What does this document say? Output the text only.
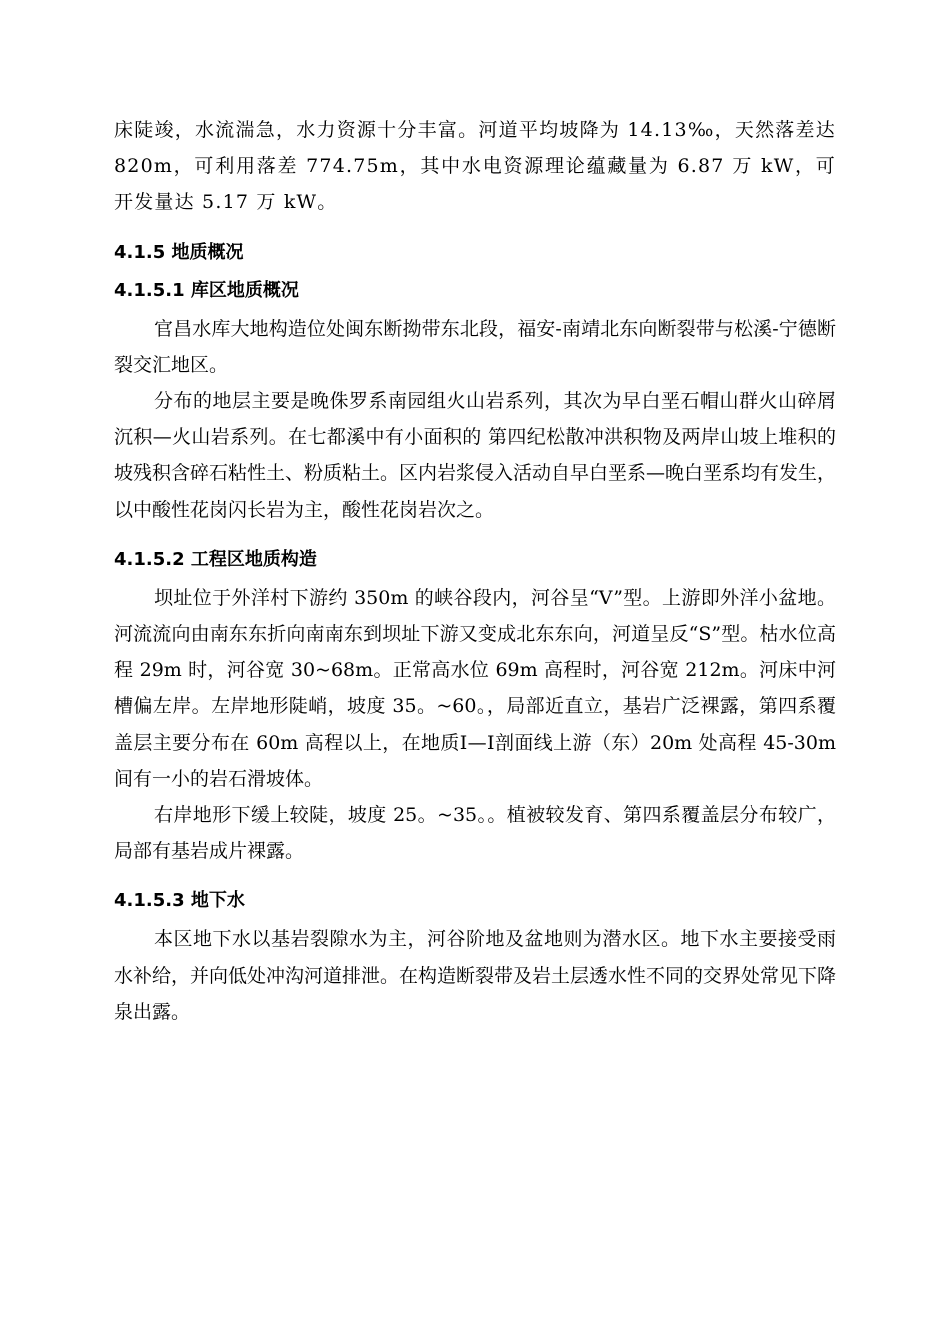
床陡竣，水流湍急，水力资源十分丰富。河道平均坡降为 14.13‰，天然落差达 820m，可利用落差 774.75m，其中水电资源理论蕴藏量为 6.87 万 kW，可开发量达 5.17 万 kW。

4.1.5 地质概况
4.1.5.1 库区地质概况

官昌水库大地构造位处闽东断拗带东北段，福安-南靖北东向断裂带与松溪-宁德断裂交汇地区。

分布的地层主要是晚侏罗系南园组火山岩系列，其次为早白垩石帽山群火山碎屑沉积—火山岩系列。在七都溪中有小面积的 第四纪松散冲洪积物及两岸山坡上堆积的坡残积含碎石粘性土、粉质粘土。区内岩浆侵入活动自早白垩系—晚白垩系均有发生，以中酸性花岗闪长岩为主，酸性花岗岩次之。

4.1.5.2 工程区地质构造

坝址位于外洋村下游约 350m 的峡谷段内，河谷呈“V”型。上游即外洋小盆地。河流流向由南东东折向南南东到坝址下游又变成北东东向，河道呈反“S”型。枯水位高程 29m 时，河谷宽 30~68m。正常高水位 69m 高程时，河谷宽 212m。河床中河槽偏左岸。左岸地形陡峭，坡度 35。~60。，局部近直立，基岩广泛裸露，第四系覆盖层主要分布在 60m 高程以上，在地质Ⅰ—Ⅰ剖面线上游（东）20m 处高程 45-30m 间有一小的岩石滑坡体。

右岸地形下缓上较陡，坡度 25。~35。。植被较发育、第四系覆盖层分布较广，局部有基岩成片裸露。

4.1.5.3 地下水

本区地下水以基岩裂隙水为主，河谷阶地及盆地则为潜水区。地下水主要接受雨水补给，并向低处冲沟河道排泄。在构造断裂带及岩土层透水性不同的交界处常见下降泉出露。
